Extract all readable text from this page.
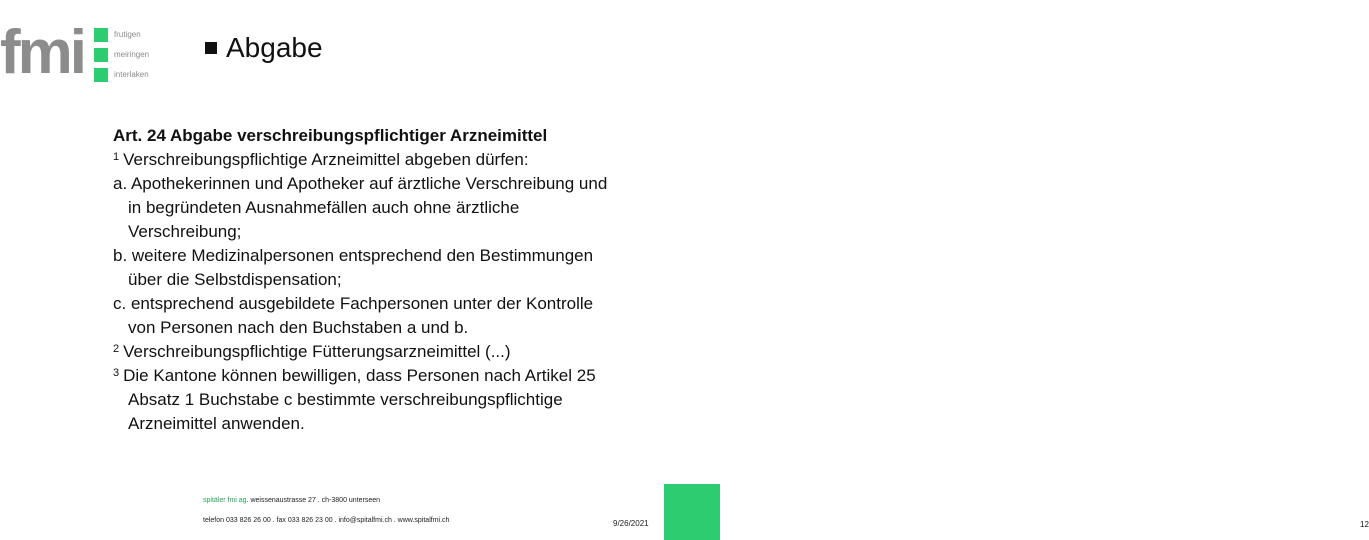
fmi	frutigen
meiringen
interlaken
Abgabe
Art. 24 Abgabe verschreibungspflichtiger Arzneimittel
$^1$ Verschreibungspflichtige Arzneimittel abgeben dürfen:
a. Apothekerinnen und Apotheker auf ärztliche Verschreibung und
in begründeten Ausnahmefällen auch ohne ärztliche
Verschreibung;
b. weitere Medizinalpersonen entsprechend den Bestimmungen
über die Selbstdispensation;
c. entsprechend ausgebildete Fachpersonen unter der Kontrolle
von Personen nach den Buchstaben a und b.
$^2$ Verschreibungspflichtige Fütterungsarzneimittel (...)
$^3$ Die Kantone können bewilligen, dass Personen nach Artikel 25
Absatz 1 Buchstabe c bestimmte verschreibungspflichtige
Arzneimittel anwenden.
spitäler fmi ag. weissenaustrasse 27 . ch-3800 unterseen
telefon 033 826 26 00 . fax 033 826 23 00 . info@spitalfmi.ch . www.spitalfmi.ch	9/26/2021	12
